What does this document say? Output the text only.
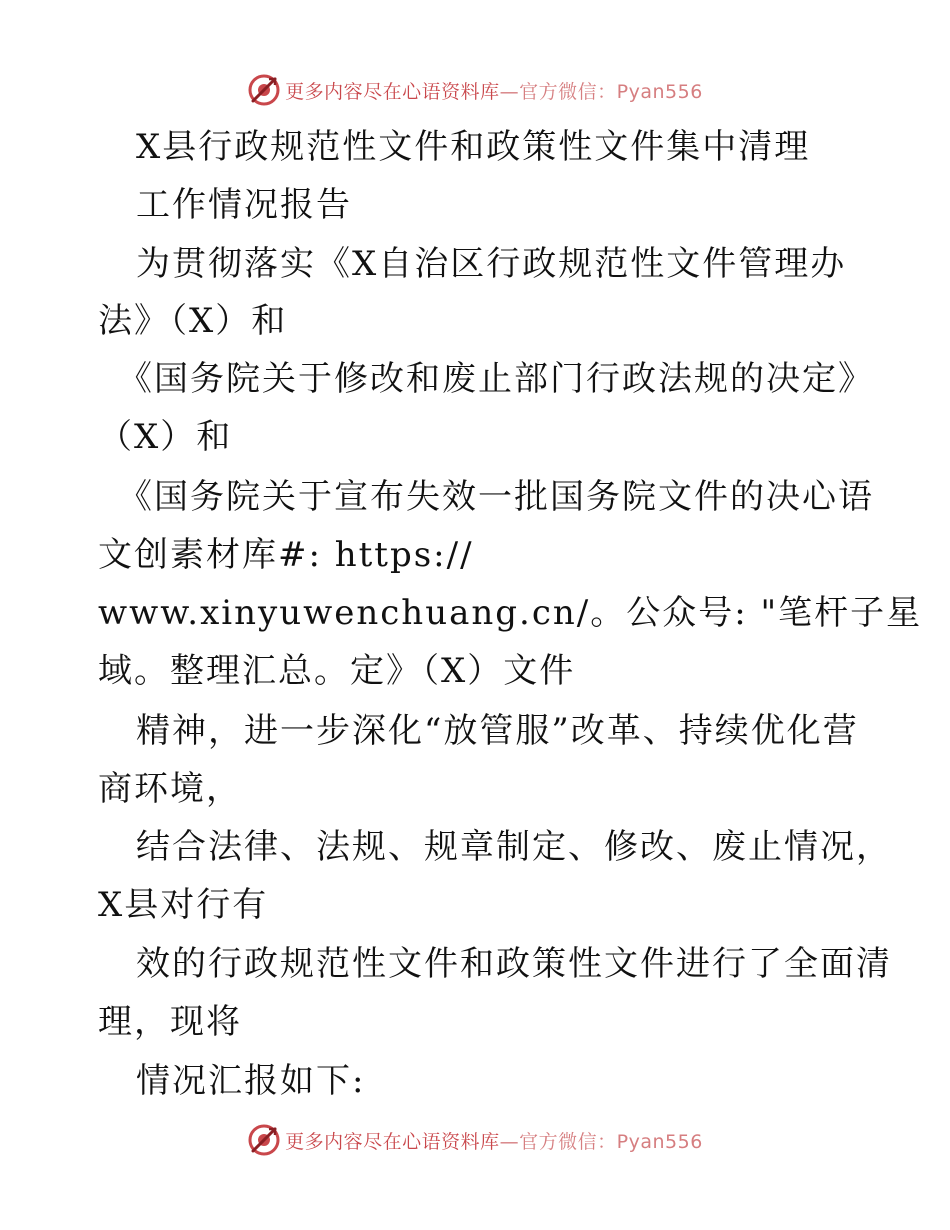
更多内容尽在心语资料库—官方微信：Pyan556

X县行政规范性文件和政策性文件集中清理

工作情况报告

为贯彻落实《X自治区行政规范性文件管理办

法》（X）和

《国务院关于修改和废止部门行政法规的决定》

（X）和

《国务院关于宣布失效一批国务院文件的决心语

文创素材库#: https://

www.xinyuwenchuang.cn/。公众号: "笔杆子星

域。整理汇总。定》（X）文件

精神，进一步深化“放管服”改革、持续优化营

商环境，

结合法律、法规、规章制定、修改、废止情况，

X县对行有

效的行政规范性文件和政策性文件进行了全面清

理，现将

情况汇报如下:

更多内容尽在心语资料库—官方微信：Pyan556
